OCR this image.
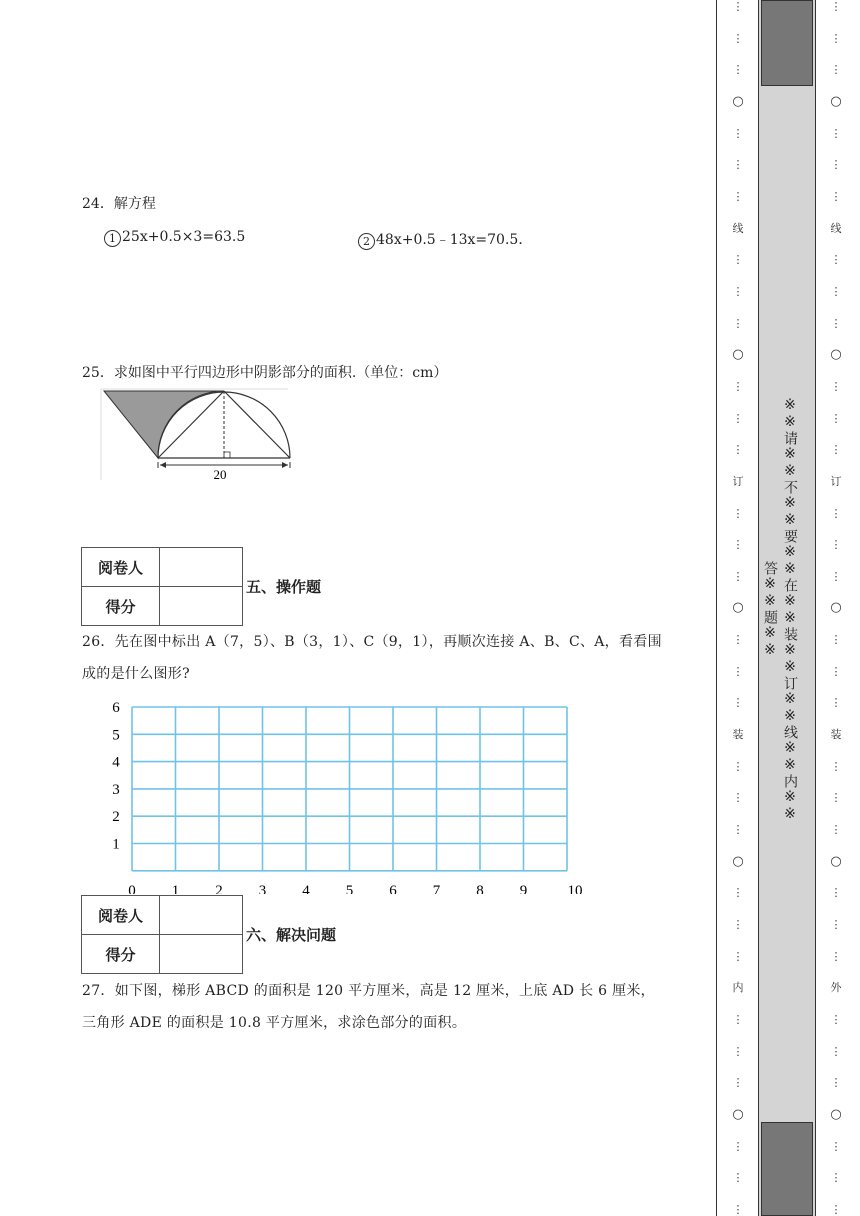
24．解方程
1 25x+0.5×3=63.5	2 48x+0.5﹣13x=70.5．
25．求如图中平行四边形中阴影部分的面积.（单位：cm）
20
阅卷人	
得分	
五、操作题
26．先在图中标出 A（7，5）、B（3，1）、C（9，1），再顺次连接 A、B、C、A，看看围
成的是什么图形?
0 1 2 3 4 5 6 7 8 9	10
1
2
3
4
5
6
阅卷人	
得分	
六、解决问题
27．如下图，梯形 ABCD 的面积是 120 平方厘米，高是 12 厘米，上底 AD 长 6 厘米，
三角形 ADE 的面积是 10.8 平方厘米，求涂色部分的面积。
※※请※※不※※要※※在※※装※※订※※线※※内※※答※※题※※
⋮
⋮
⋮
○
⋮
⋮
⋮
线
⋮
⋮
⋮
○
⋮
⋮
⋮
订
⋮
⋮
⋮
○
⋮
⋮
⋮
装
⋮
⋮
⋮
○
⋮
⋮
⋮
内
⋮
⋮
⋮
○
⋮
⋮
⋮
⋮
⋮
⋮
○
⋮
⋮
⋮
线
⋮
⋮
⋮
○
⋮
⋮
⋮
订
⋮
⋮
⋮
○
⋮
⋮
⋮
装
⋮
⋮
⋮
○
⋮
⋮
⋮
外
⋮
⋮
⋮
○
⋮
⋮
⋮
